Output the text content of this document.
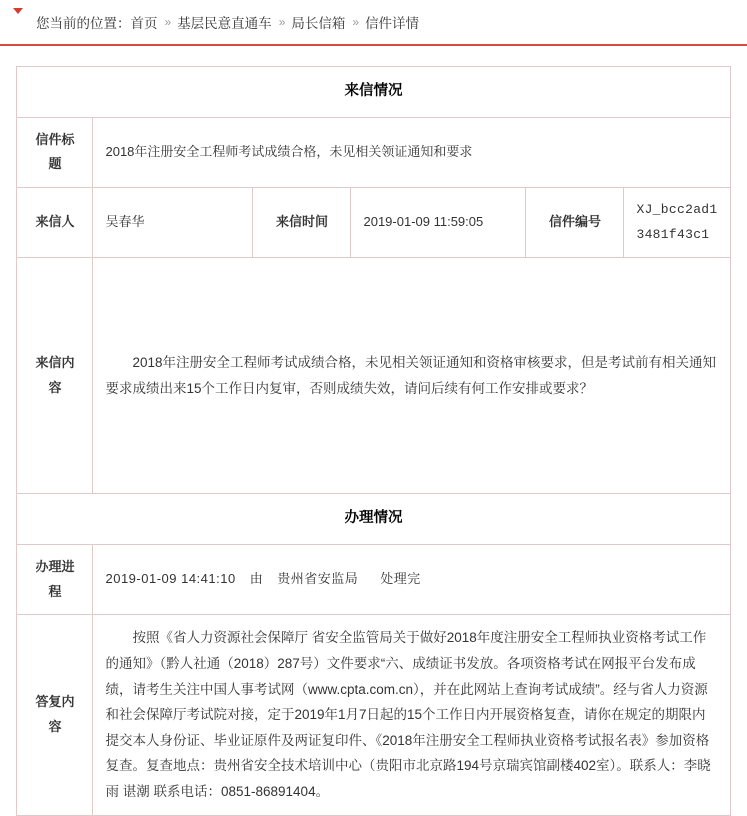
您当前的位置： 首页 » 基层民意直通车 » 局长信箱 » 信件详情
来信情况					
信件标题	2018年注册安全工程师考试成绩合格，未见相关领证通知和要求				
来信人	吴春华	来信时间	2019-01-09 11:59:05	信件编号	XJ_bcc2ad13481f43c1
来信内容	2018年注册安全工程师考试成绩合格，未见相关领证通知和资格审核要求，但是考试前有相关通知要求成绩出来15个工作日内复审，否则成绩失效，请问后续有何工作安排或要求？				

办理情况					
办理进程	2019-01-09 14:41:10 由 贵州省安监局 处理完				
答复内容	按照《省人力资源社会保障厅 省安全监管局关于做好2018年度注册安全工程师执业资格考试工作的通知》（黔人社通（2018）287号）文件要求“六、成绩证书发放。各项资格考试在网报平台发布成绩，请考生关注中国人事考试网（www.cpta.com.cn），并在此网站上查询考试成绩”。经与省人力资源和社会保障厅考试院对接，定于2019年1月7日起的15个工作日内开展资格复查，请你在规定的期限内提交本人身份证、毕业证原件及两证复印件、《2018年注册安全工程师执业资格考试报名表》参加资格复查。复查地点：贵州省安全技术培训中心（贵阳市北京路194号京瑞宾馆副楼402室）。联系人：李晓雨 谌潮 联系电话：0851-86891404。				
